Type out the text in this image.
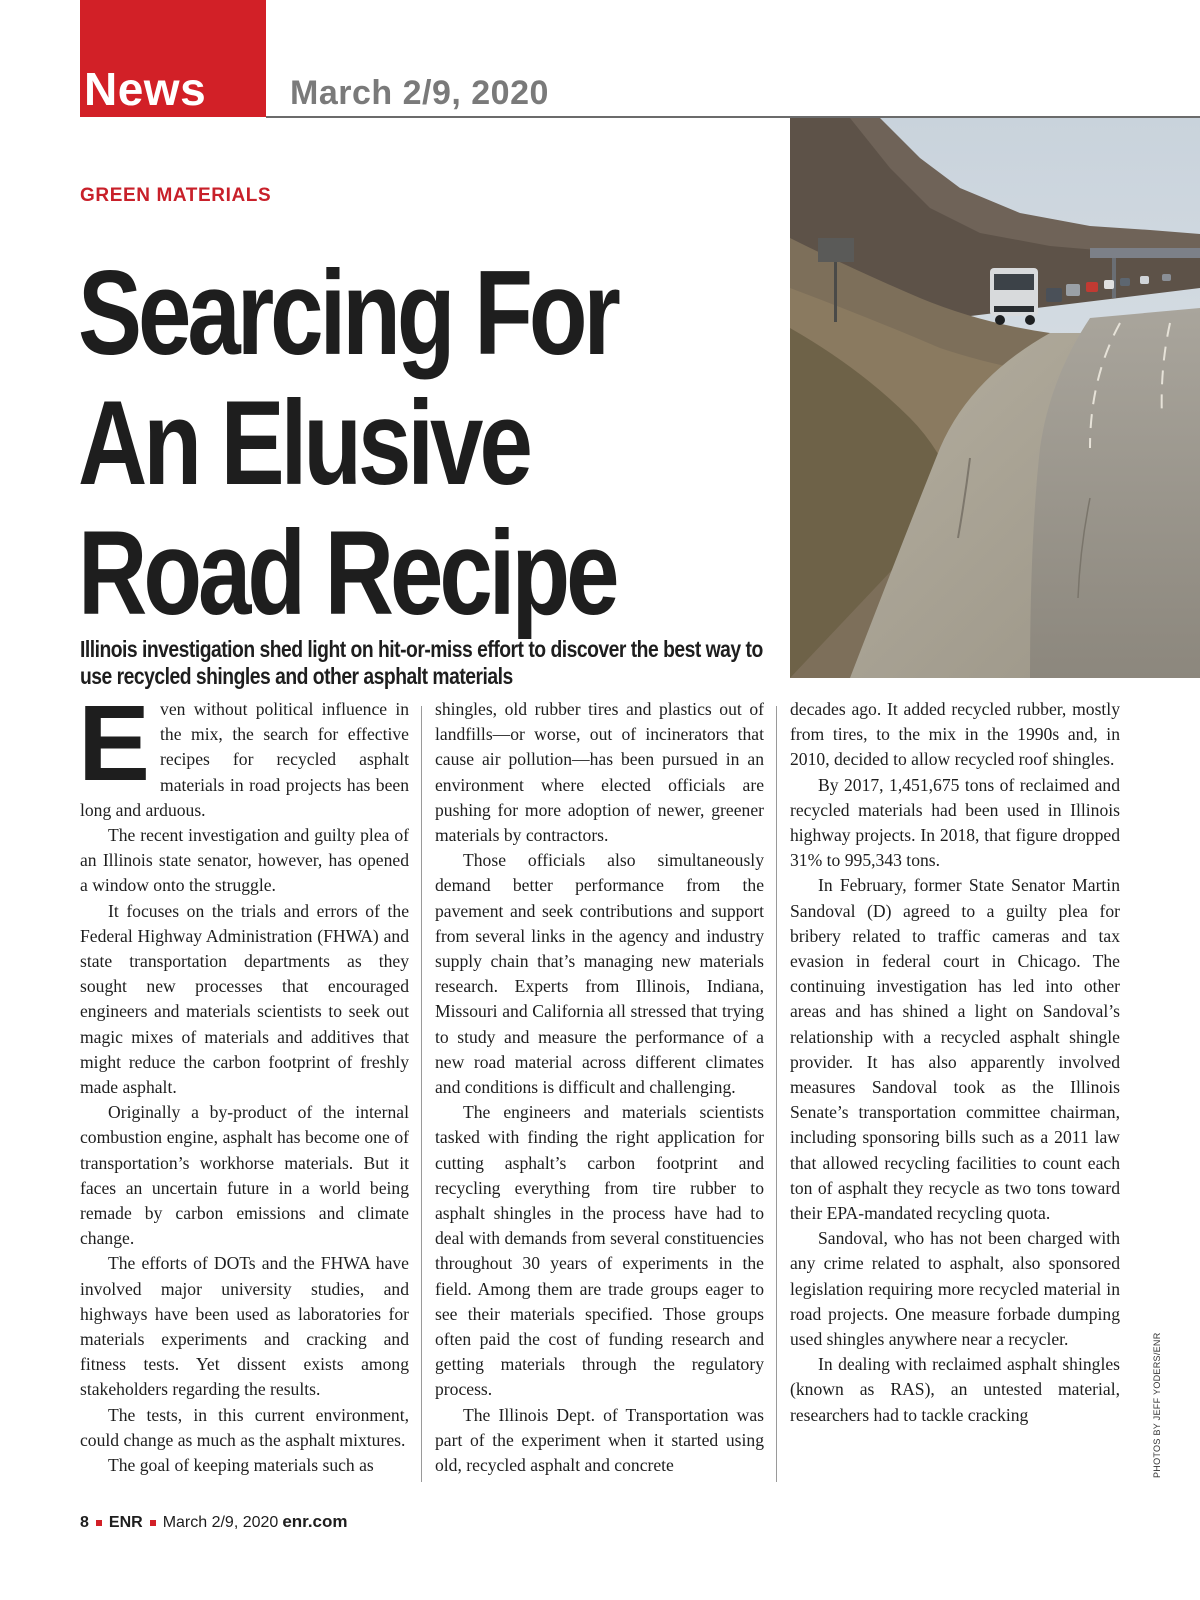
News March 2/9, 2020
GREEN MATERIALS
Searcing For
An Elusive
Road Recipe

Illinois investigation shed light on hit-or-miss effort to discover the best way to use recycled shingles and other asphalt materials

Even without political influence in the mix, the search for effective recipes for recycled asphalt materials in road projects has been long and arduous.

The recent investigation and guilty plea of an Illinois state senator, however, has opened a window onto the struggle.

It focuses on the trials and errors of the Federal Highway Administration (FHWA) and state transportation departments as they sought new processes that encouraged engineers and materials scientists to seek out magic mixes of materials and additives that might reduce the carbon footprint of freshly made asphalt.

Originally a by-product of the internal combustion engine, asphalt has become one of transportation’s workhorse materials. But it faces an uncertain future in a world being remade by carbon emissions and climate change.

The efforts of DOTs and the FHWA have involved major university studies, and highways have been used as laboratories for materials experiments and cracking and fitness tests. Yet dissent exists among stakeholders regarding the results.

The tests, in this current environment, could change as much as the asphalt mixtures.

The goal of keeping materials such as

shingles, old rubber tires and plastics out of landfills—or worse, out of incinerators that cause air pollution—has been pursued in an environment where elected officials are pushing for more adoption of newer, greener materials by contractors.

Those officials also simultaneously demand better performance from the pavement and seek contributions and support from several links in the agency and industry supply chain that’s managing new materials research. Experts from Illinois, Indiana, Missouri and California all stressed that trying to study and measure the performance of a new road material across different climates and conditions is difficult and challenging.

The engineers and materials scientists tasked with finding the right application for cutting asphalt’s carbon footprint and recycling everything from tire rubber to asphalt shingles in the process have had to deal with demands from several constituencies throughout 30 years of experiments in the field. Among them are trade groups eager to see their materials specified. Those groups often paid the cost of funding research and getting materials through the regulatory process.

The Illinois Dept. of Transportation was part of the experiment when it started using old, recycled asphalt and concrete

decades ago. It added recycled rubber, mostly from tires, to the mix in the 1990s and, in 2010, decided to allow recycled roof shingles.

By 2017, 1,451,675 tons of reclaimed and recycled materials had been used in Illinois highway projects. In 2018, that figure dropped 31% to 995,343 tons.

In February, former State Senator Martin Sandoval (D) agreed to a guilty plea for bribery related to traffic cameras and tax evasion in federal court in Chicago. The continuing investigation has led into other areas and has shined a light on Sandoval’s relationship with a recycled asphalt shingle provider. It has also apparently involved measures Sandoval took as the Illinois Senate’s transportation committee chairman, including sponsoring bills such as a 2011 law that allowed recycling facilities to count each ton of asphalt they recycle as two tons toward their EPA-mandated recycling quota.

Sandoval, who has not been charged with any crime related to asphalt, also sponsored legislation requiring more recycled material in road projects. One measure forbade dumping used shingles anywhere near a recycler.

In dealing with reclaimed asphalt shingles (known as RAS), an untested material, researchers had to tackle cracking	PHOTOS BY JEFF YODERS/ENR
8 ENR March 2/9, 2020 enr.com
